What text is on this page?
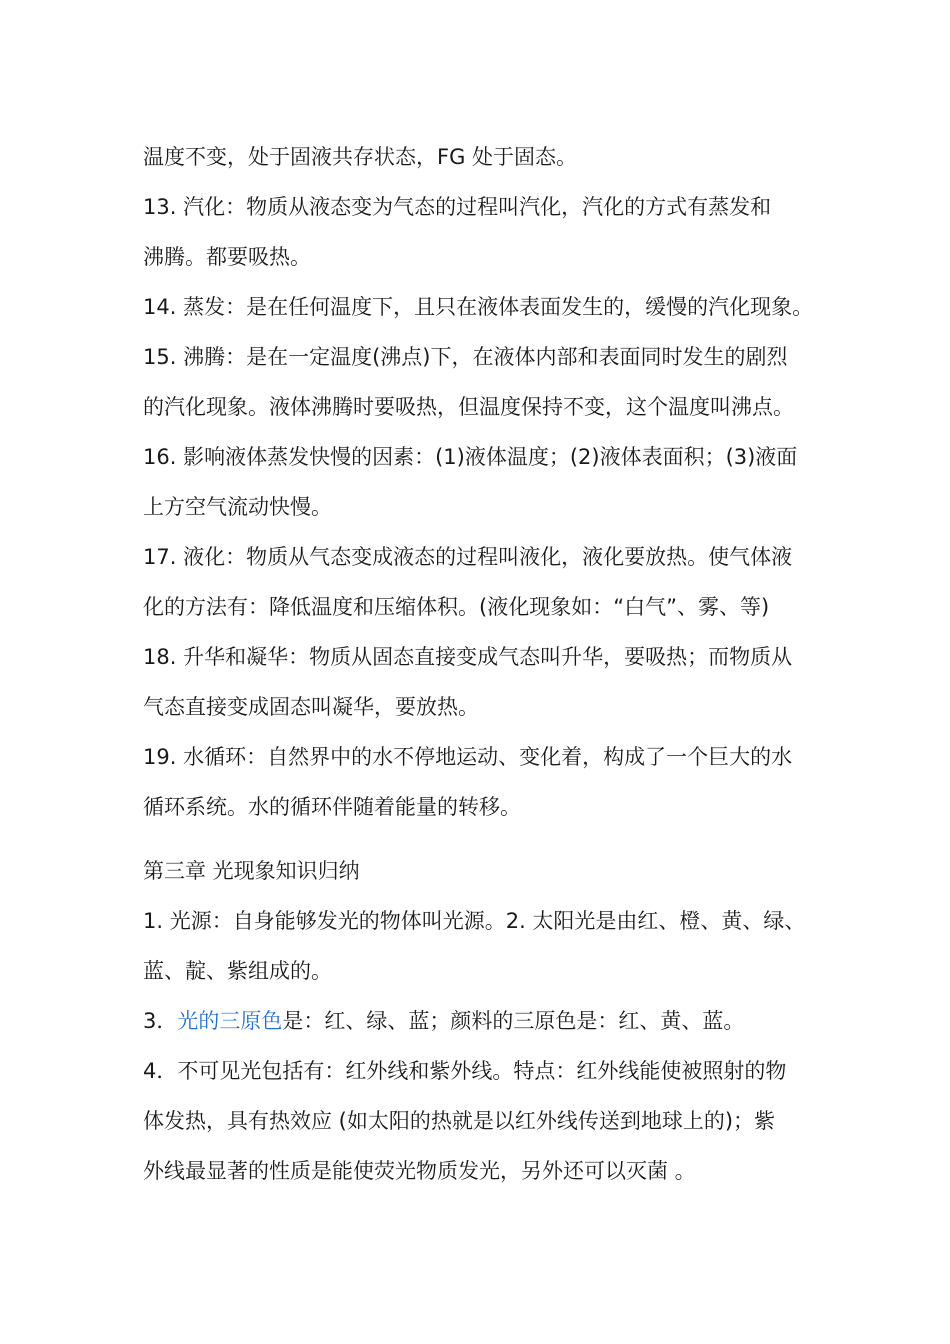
温度不变，处于固液共存状态，FG 处于固态。
13. 汽化：物质从液态变为气态的过程叫汽化，汽化的方式有蒸发和
沸腾。都要吸热。
14. 蒸发：是在任何温度下，且只在液体表面发生的，缓慢的汽化现象。
15. 沸腾：是在一定温度(沸点)下，在液体内部和表面同时发生的剧烈
的汽化现象。液体沸腾时要吸热，但温度保持不变，这个温度叫沸点。
16. 影响液体蒸发快慢的因素：(1)液体温度；(2)液体表面积；(3)液面
上方空气流动快慢。
17. 液化：物质从气态变成液态的过程叫液化，液化要放热。使气体液
化的方法有：降低温度和压缩体积。(液化现象如：“白气”、雾、等)
18. 升华和凝华：物质从固态直接变成气态叫升华，要吸热；而物质从
气态直接变成固态叫凝华，要放热。
19. 水循环：自然界中的水不停地运动、变化着，构成了一个巨大的水
循环系统。水的循环伴随着能量的转移。
第三章 光现象知识归纳
1. 光源：自身能够发光的物体叫光源。2. 太阳光是由红、橙、黄、绿、
蓝、靛、紫组成的。
3．光的三原色是：红、绿、蓝；颜料的三原色是：红、黄、蓝。
4．不可见光包括有：红外线和紫外线。特点：红外线能使被照射的物
体发热，具有热效应 (如太阳的热就是以红外线传送到地球上的)；紫
外线最显著的性质是能使荧光物质发光，另外还可以灭菌 。
